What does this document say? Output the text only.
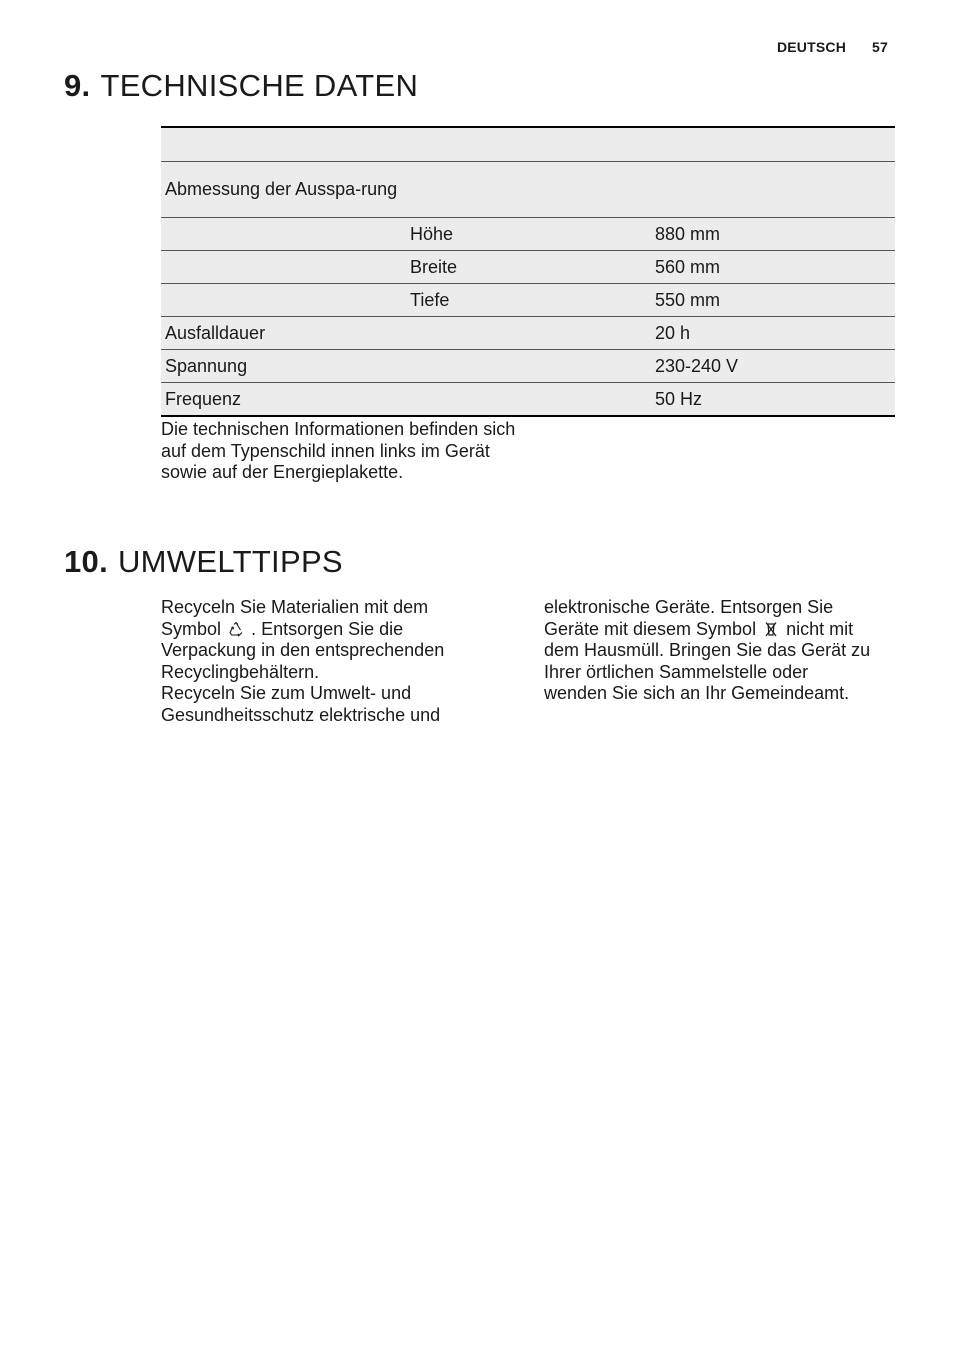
DEUTSCH 57
9. TECHNISCHE DATEN

Abmessung der Ausspa-rung		
	Höhe	880 mm
	Breite	560 mm
	Tiefe	550 mm
Ausfalldauer		20 h
Spannung		230-240 V
Frequenz		50 Hz

Die technischen Informationen befinden sich auf dem Typenschild innen links im Gerät sowie auf der Energieplakette.

10. UMWELTTIPPS

Recyceln Sie Materialien mit dem Symbol . Entsorgen Sie die Verpackung in den entsprechenden Recyclingbehältern.

Recyceln Sie zum Umwelt- und Gesundheitsschutz elektrische und

elektronische Geräte. Entsorgen Sie Geräte mit diesem Symbol nicht mit dem Hausmüll. Bringen Sie das Gerät zu Ihrer örtlichen Sammelstelle oder wenden Sie sich an Ihr Gemeindeamt.
